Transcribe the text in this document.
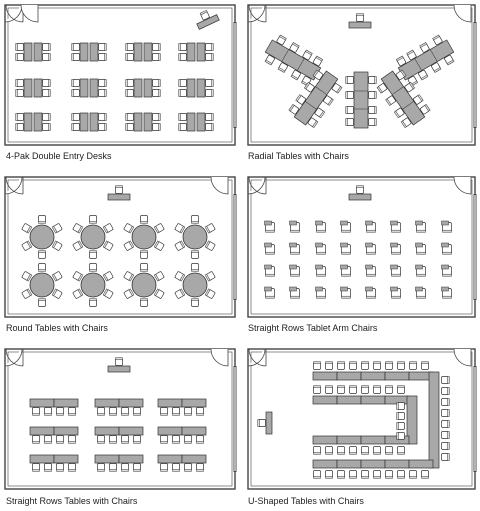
4-Pak Double Entry Desks	Radial Tables with Chairs
Round Tables with Chairs	Straight Rows Tablet Arm Chairs
Straight Rows Tables with Chairs	U-Shaped Tables with Chairs
